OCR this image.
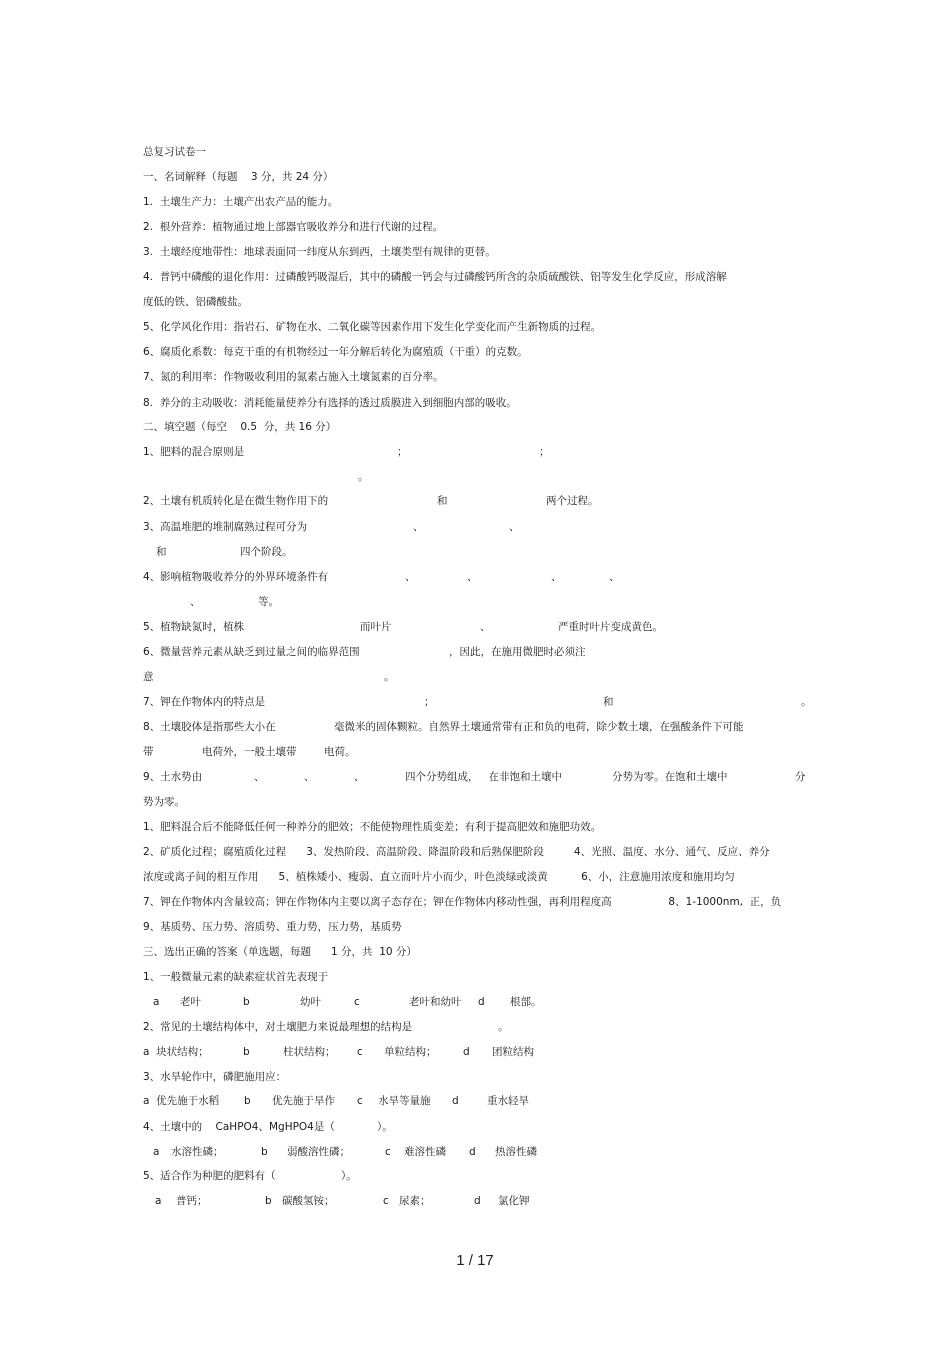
总复习试卷一
一、名词解释（每题    3 分，共 24 分）
1.  土壤生产力：土壤产出农产品的能力。
2.  根外营养：植物通过地上部器官吸收养分和进行代谢的过程。
3.  土壤经度地带性：地球表面同一纬度从东到西，土壤类型有规律的更替。
4.  普钙中磷酸的退化作用：过磷酸钙吸湿后，其中的磷酸一钙会与过磷酸钙所含的杂质硫酸铁、铝等发生化学反应，形成溶解
度低的铁、铝磷酸盐。
5、化学风化作用：指岩石、矿物在水、二氧化碳等因素作用下发生化学变化而产生新物质的过程。
6、腐质化系数：每克干重的有机物经过一年分解后转化为腐殖质（干重）的克数。
7、氮的利用率：作物吸收利用的氮素占施入土壤氮素的百分率。
8.  养分的主动吸收：消耗能量使养分有选择的透过质膜进入到细胞内部的吸收。
二、填空题（每空    0.5  分，共 16 分）
1、肥料的混合原则是	；	；
。
2、土壤有机质转化是在微生物作用下的	和	两个过程。
3、高温堆肥的堆制腐熟过程可分为	、	、
和	四个阶段。
4、影响植物吸收养分的外界环境条件有	、	、	、	、
、	等。
5、植物缺氮时，植株	而叶片	、	严重时叶片变成黄色。
6、微量营养元素从缺乏到过量之间的临界范围	，因此，在施用微肥时必须注
意	。
7、钾在作物体内的特点是	；	和	。
8、土壤胶体是指那些大小在	毫微米的固体颗粒。自然界土壤通常带有正和负的电荷，除少数土壤，在强酸条件下可能
带	电荷外，一般土壤带	电荷。
9、土水势由	、	、	、	四个分势组成，   在非饱和土壤中	分势为零。在饱和土壤中	分
势为零。
1、肥料混合后不能降低任何一种养分的肥效；不能使物理性质变差；有利于提高肥效和施肥功效。
2、矿质化过程；腐殖质化过程      3、发热阶段、高温阶段、降温阶段和后熟保肥阶段         4、光照、温度、水分、通气、反应、养分
浓度或离子间的相互作用      5、植株矮小、瘦弱、直立而叶片小而少，叶色淡绿或淡黄          6、小，注意施用浓度和施用均匀
7、钾在作物体内含量较高；钾在作物体内主要以离子态存在；钾在作物体内移动性强，再利用程度高                 8、1-1000nm,  正，负
9、基质势、压力势、溶质势、重力势，压力势，基质势
三、选出正确的答案（单选题，每题      1 分，共  10 分）
1、一般微量元素的缺素症状首先表现于
a 老叶	b	幼叶	c	老叶和幼叶 d 根部。
2、常见的土壤结构体中，对土壤肥力来说最理想的结构是	。
a  块状结构；	b	柱状结构； c 单粒结构；	d 团粒结构
3、水旱轮作中，磷肥施用应：
a  优先施于水稻 b 优先施于旱作 c 水旱等量施 d	重水轻旱
4、土壤中的    CaHPO4、MgHPO4是（	）。
a 水溶性磷；	b 弱酸溶性磷；	c 难溶性磷 d 热溶性磷
5、适合作为种肥的肥料有（	）。
a 普钙；	b 碳酸氢铵；	c 尿素；	d 氯化钾
1 / 17
